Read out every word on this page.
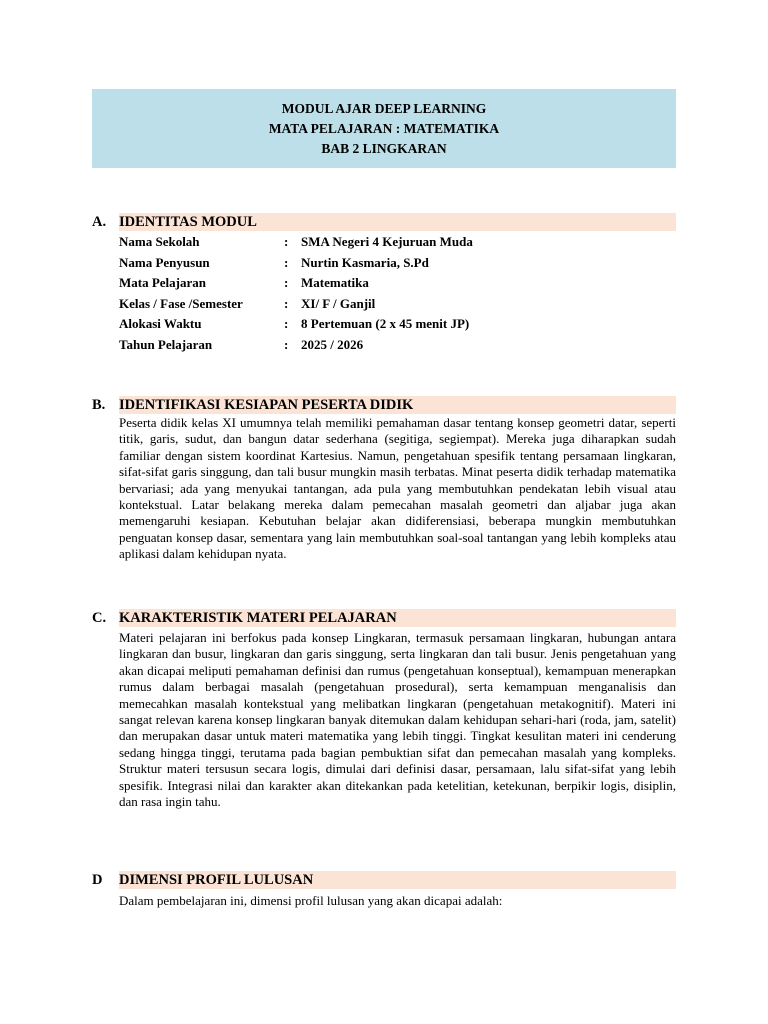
MODUL AJAR DEEP LEARNING
MATA PELAJARAN : MATEMATIKA
BAB 2 LINGKARAN
A. IDENTITAS MODUL
Nama Sekolah	: SMA Negeri 4 Kejuruan Muda
Nama Penyusun	: Nurtin Kasmaria, S.Pd
Mata Pelajaran	: Matematika
Kelas / Fase /Semester	: XI/ F / Ganjil
Alokasi Waktu	: 8 Pertemuan (2 x 45 menit JP)
Tahun Pelajaran	: 2025 / 2026
B. IDENTIFIKASI KESIAPAN PESERTA DIDIK
Peserta didik kelas XI umumnya telah memiliki pemahaman dasar tentang konsep geometri datar, seperti titik, garis, sudut, dan bangun datar sederhana (segitiga, segiempat). Mereka juga diharapkan sudah familiar dengan sistem koordinat Kartesius. Namun, pengetahuan spesifik tentang persamaan lingkaran, sifat-sifat garis singgung, dan tali busur mungkin masih terbatas. Minat peserta didik terhadap matematika bervariasi; ada yang menyukai tantangan, ada pula yang membutuhkan pendekatan lebih visual atau kontekstual. Latar belakang mereka dalam pemecahan masalah geometri dan aljabar juga akan memengaruhi kesiapan. Kebutuhan belajar akan didiferensiasi, beberapa mungkin membutuhkan penguatan konsep dasar, sementara yang lain membutuhkan soal-soal tantangan yang lebih kompleks atau aplikasi dalam kehidupan nyata.
C. KARAKTERISTIK MATERI PELAJARAN
Materi pelajaran ini berfokus pada konsep Lingkaran, termasuk persamaan lingkaran, hubungan antara lingkaran dan busur, lingkaran dan garis singgung, serta lingkaran dan tali busur. Jenis pengetahuan yang akan dicapai meliputi pemahaman definisi dan rumus (pengetahuan konseptual), kemampuan menerapkan rumus dalam berbagai masalah (pengetahuan prosedural), serta kemampuan menganalisis dan memecahkan masalah kontekstual yang melibatkan lingkaran (pengetahuan metakognitif). Materi ini sangat relevan karena konsep lingkaran banyak ditemukan dalam kehidupan sehari-hari (roda, jam, satelit) dan merupakan dasar untuk materi matematika yang lebih tinggi. Tingkat kesulitan materi ini cenderung sedang hingga tinggi, terutama pada bagian pembuktian sifat dan pemecahan masalah yang kompleks. Struktur materi tersusun secara logis, dimulai dari definisi dasar, persamaan, lalu sifat-sifat yang lebih spesifik. Integrasi nilai dan karakter akan ditekankan pada ketelitian, ketekunan, berpikir logis, disiplin, dan rasa ingin tahu.
D DIMENSI PROFIL LULUSAN
Dalam pembelajaran ini, dimensi profil lulusan yang akan dicapai adalah:
